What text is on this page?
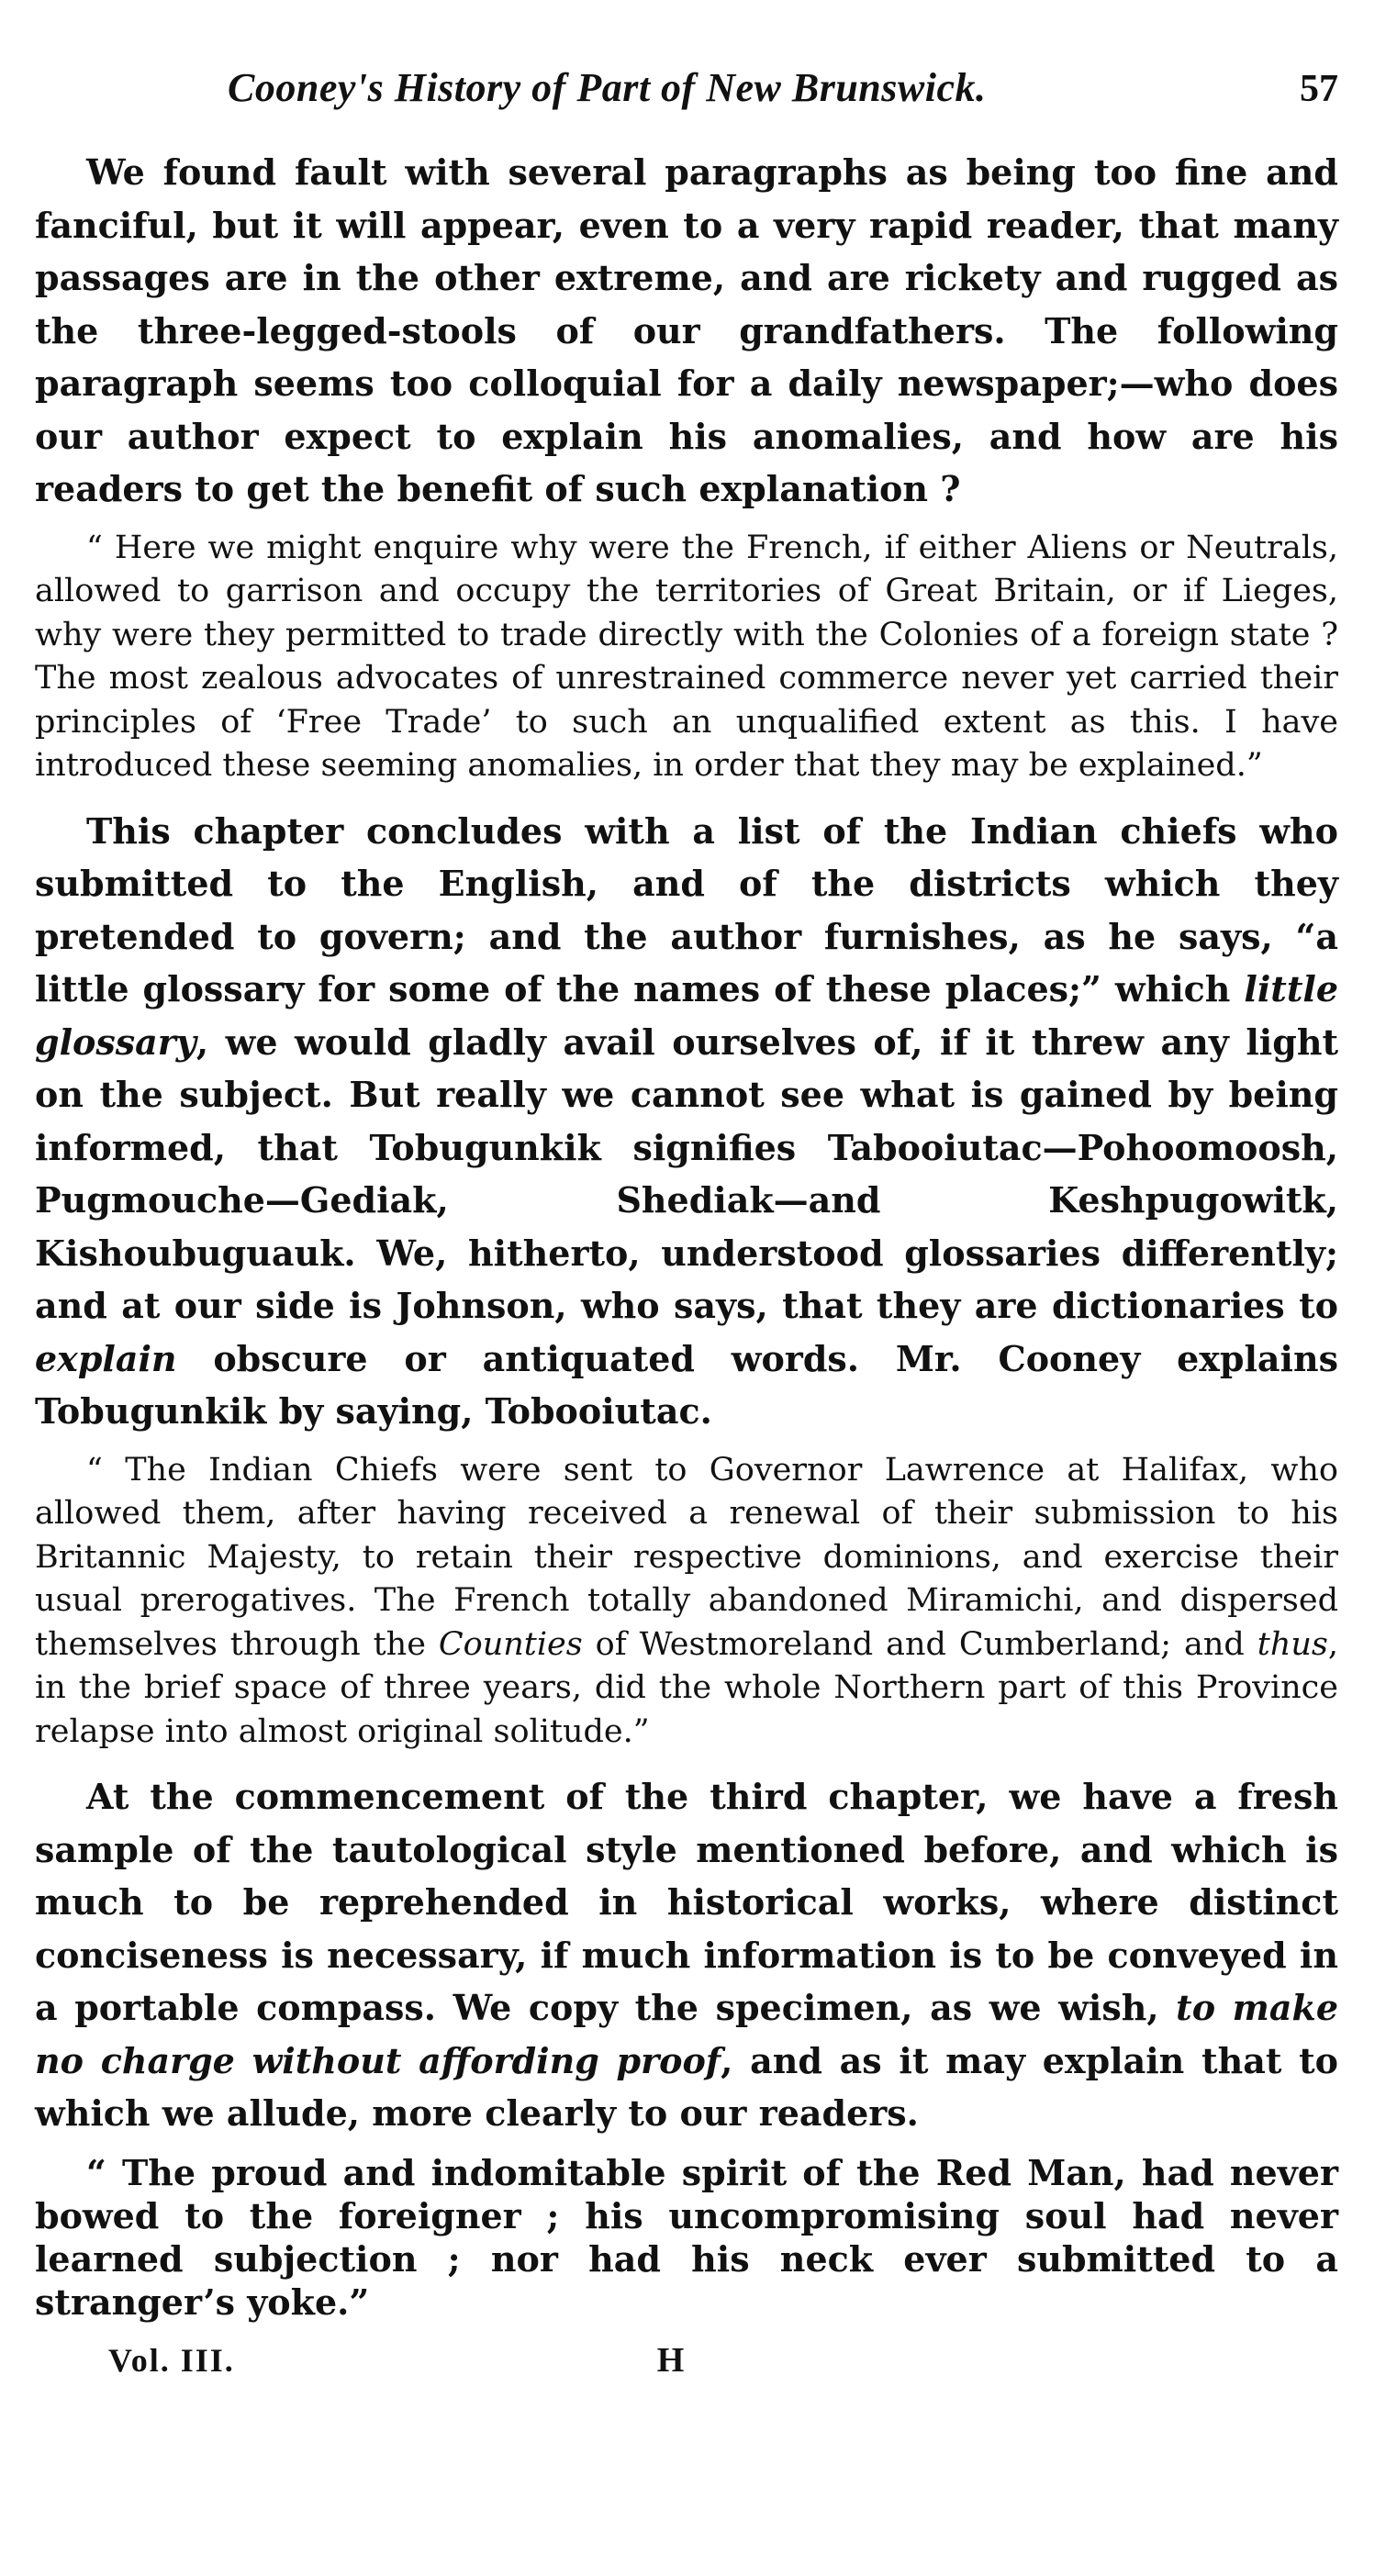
Cooney's History of Part of New Brunswick.	57

We found fault with several paragraphs as being too fine and fanciful, but it will appear, even to a very rapid reader, that many passages are in the other extreme, and are rickety and rugged as the three-legged-stools of our grandfathers. The following paragraph seems too colloquial for a daily newspaper;—who does our author expect to explain his anomalies, and how are his readers to get the benefit of such explanation ?

“ Here we might enquire why were the French, if either Aliens or Neutrals, allowed to garrison and occupy the territories of Great Britain, or if Lieges, why were they permitted to trade directly with the Colonies of a foreign state ? The most zealous advocates of unrestrained commerce never yet carried their principles of ‘Free Trade’ to such an unqualified extent as this. I have introduced these seeming anomalies, in order that they may be explained.”

This chapter concludes with a list of the Indian chiefs who submitted to the English, and of the districts which they pretended to govern; and the author furnishes, as he says, “a little glossary for some of the names of these places;” which little glossary, we would gladly avail ourselves of, if it threw any light on the subject. But really we cannot see what is gained by being informed, that Tobugunkik signifies Tabooiutac—Pohoomoosh, Pugmouche—Gediak, Shediak—and Keshpugowitk, Kishoubuguauk. We, hitherto, understood glossaries differently; and at our side is Johnson, who says, that they are dictionaries to explain obscure or antiquated words. Mr. Cooney explains Tobugunkik by saying, Tobooiutac.

“ The Indian Chiefs were sent to Governor Lawrence at Halifax, who allowed them, after having received a renewal of their submission to his Britannic Majesty, to retain their respective dominions, and exercise their usual prerogatives. The French totally abandoned Miramichi, and dispersed themselves through the Counties of Westmoreland and Cumberland; and thus, in the brief space of three years, did the whole Northern part of this Province relapse into almost original solitude.”

At the commencement of the third chapter, we have a fresh sample of the tautological style mentioned before, and which is much to be reprehended in historical works, where distinct conciseness is necessary, if much information is to be conveyed in a portable compass. We copy the specimen, as we wish, to make no charge without affording proof, and as it may explain that to which we allude, more clearly to our readers.

“ The proud and indomitable spirit of the Red Man, had never bowed to the foreigner ; his uncompromising soul had never learned subjection ; nor had his neck ever submitted to a stranger’s yoke.”

Vol. III.	H
